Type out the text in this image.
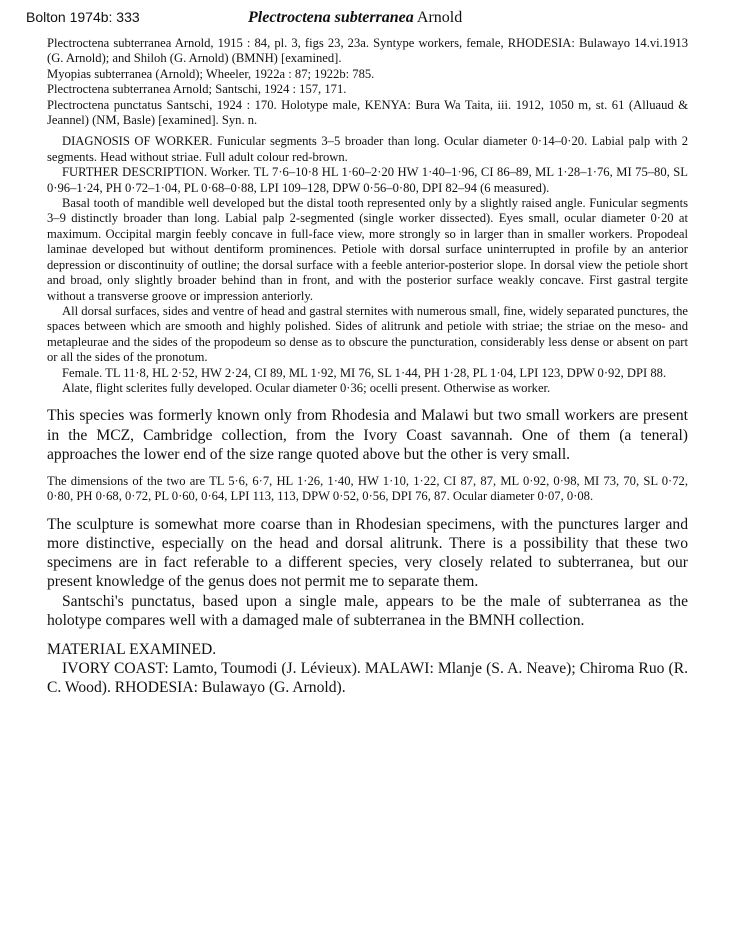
Bolton 1974b: 333	Plectroctena subterranea Arnold

Plectroctena subterranea Arnold, 1915 : 84, pl. 3, figs 23, 23a. Syntype workers, female, RHODESIA: Bulawayo 14.vi.1913 (G. Arnold); and Shiloh (G. Arnold) (BMNH) [examined].

Myopias subterranea (Arnold); Wheeler, 1922a : 87; 1922b: 785.

Plectroctena subterranea Arnold; Santschi, 1924 : 157, 171.

Plectroctena punctatus Santschi, 1924 : 170. Holotype male, KENYA: Bura Wa Taita, iii. 1912, 1050 m, st. 61 (Alluaud & Jeannel) (NM, Basle) [examined]. Syn. n.

DIAGNOSIS OF WORKER. Funicular segments 3–5 broader than long. Ocular diameter 0·14–0·20. Labial palp with 2 segments. Head without striae. Full adult colour red-brown.

FURTHER DESCRIPTION. Worker. TL 7·6–10·8 HL 1·60–2·20 HW 1·40–1·96, CI 86–89, ML 1·28–1·76, MI 75–80, SL 0·96–1·24, PH 0·72–1·04, PL 0·68–0·88, LPI 109–128, DPW 0·56–0·80, DPI 82–94 (6 measured).

Basal tooth of mandible well developed but the distal tooth represented only by a slightly raised angle. Funicular segments 3–9 distinctly broader than long. Labial palp 2-segmented (single worker dissected). Eyes small, ocular diameter 0·20 at maximum. Occipital margin feebly concave in full-face view, more strongly so in larger than in smaller workers. Propodeal laminae developed but without dentiform prominences. Petiole with dorsal surface uninterrupted in profile by an anterior depression or discontinuity of outline; the dorsal surface with a feeble anterior-posterior slope. In dorsal view the petiole short and broad, only slightly broader behind than in front, and with the posterior surface weakly concave. First gastral tergite without a transverse groove or impression anteriorly.

All dorsal surfaces, sides and ventre of head and gastral sternites with numerous small, fine, widely separated punctures, the spaces between which are smooth and highly polished. Sides of alitrunk and petiole with striae; the striae on the meso- and metapleurae and the sides of the propodeum so dense as to obscure the puncturation, considerably less dense or absent on part or all the sides of the pronotum.

Female. TL 11·8, HL 2·52, HW 2·24, CI 89, ML 1·92, MI 76, SL 1·44, PH 1·28, PL 1·04, LPI 123, DPW 0·92, DPI 88.

Alate, flight sclerites fully developed. Ocular diameter 0·36; ocelli present. Otherwise as worker.

This species was formerly known only from Rhodesia and Malawi but two small workers are present in the MCZ, Cambridge collection, from the Ivory Coast savannah. One of them (a teneral) approaches the lower end of the size range quoted above but the other is very small.

The dimensions of the two are TL 5·6, 6·7, HL 1·26, 1·40, HW 1·10, 1·22, CI 87, 87, ML 0·92, 0·98, MI 73, 70, SL 0·72, 0·80, PH 0·68, 0·72, PL 0·60, 0·64, LPI 113, 113, DPW 0·52, 0·56, DPI 76, 87. Ocular diameter 0·07, 0·08.

The sculpture is somewhat more coarse than in Rhodesian specimens, with the punctures larger and more distinctive, especially on the head and dorsal alitrunk. There is a possibility that these two specimens are in fact referable to a different species, very closely related to subterranea, but our present knowledge of the genus does not permit me to separate them.

Santschi's punctatus, based upon a single male, appears to be the male of subterranea as the holotype compares well with a damaged male of subterranea in the BMNH collection.

MATERIAL EXAMINED.

IVORY COAST: Lamto, Toumodi (J. Lévieux). MALAWI: Mlanje (S. A. Neave); Chiroma Ruo (R. C. Wood). RHODESIA: Bulawayo (G. Arnold).
